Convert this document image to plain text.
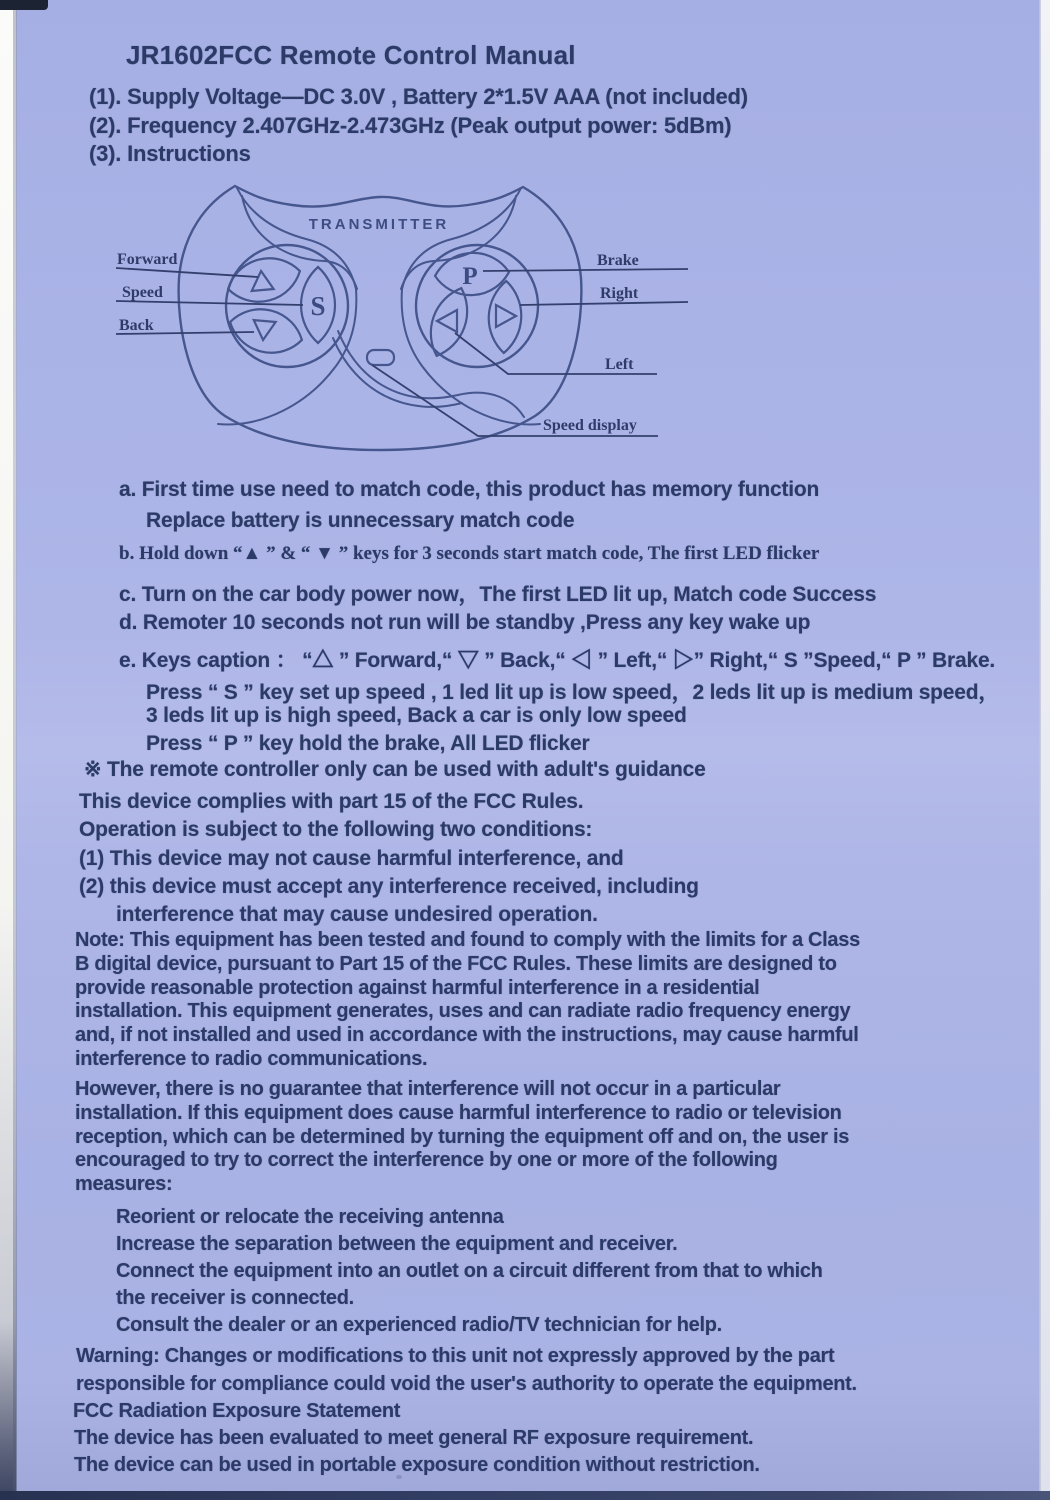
JR1602FCC Remote Control Manual
(1). Supply Voltage—DC 3.0V , Battery 2*1.5V AAA (not included)
(2). Frequency 2.407GHz-2.473GHz (Peak output power: 5dBm)
(3). Instructions
S
P
TRANSMITTER
Forward
Speed
Back
Brake
Right
Left
Speed display
a. First time use need to match code, this product has memory function
Replace battery is unnecessary match code
b. Hold down “▲ ” & “ ▼ ” keys for 3 seconds start match code, The first LED flicker
c. Turn on the car body power now，The first LED lit up, Match code Success
d. Remoter 10 seconds not run will be standby ,Press any key wake up
e. Keys caption ： “△ ” Forward,“ ▽ ” Back,“ ◁ ” Left,“ ▷” Right,“ S ”Speed,“ P ” Brake.
Press “ S ” key set up speed , 1 led lit up is low speed，2 leds lit up is medium speed，
3 leds lit up is high speed, Back a car is only low speed
Press “ P ” key hold the brake, All LED flicker
※ The remote controller only can be used with adult's guidance
This device complies with part 15 of the FCC Rules.
Operation is subject to the following two conditions:
(1) This device may not cause harmful interference, and
(2) this device must accept any interference received, including
interference that may cause undesired operation.
Note: This equipment has been tested and found to comply with the limits for a Class
B digital device, pursuant to Part 15 of the FCC Rules. These limits are designed to
provide reasonable protection against harmful interference in a residential
installation. This equipment generates, uses and can radiate radio frequency energy
and, if not installed and used in accordance with the instructions, may cause harmful
interference to radio communications.
However, there is no guarantee that interference will not occur in a particular
installation. If this equipment does cause harmful interference to radio or television
reception, which can be determined by turning the equipment off and on, the user is
encouraged to try to correct the interference by one or more of the following
measures:
Reorient or relocate the receiving antenna
Increase the separation between the equipment and receiver.
Connect the equipment into an outlet on a circuit different from that to which
the receiver is connected.
Consult the dealer or an experienced radio/TV technician for help.
Warning: Changes or modifications to this unit not expressly approved by the part
responsible for compliance could void the user's authority to operate the equipment.
FCC Radiation Exposure Statement
The device has been evaluated to meet general RF exposure requirement.
The device can be used in portable exposure condition without restriction.
